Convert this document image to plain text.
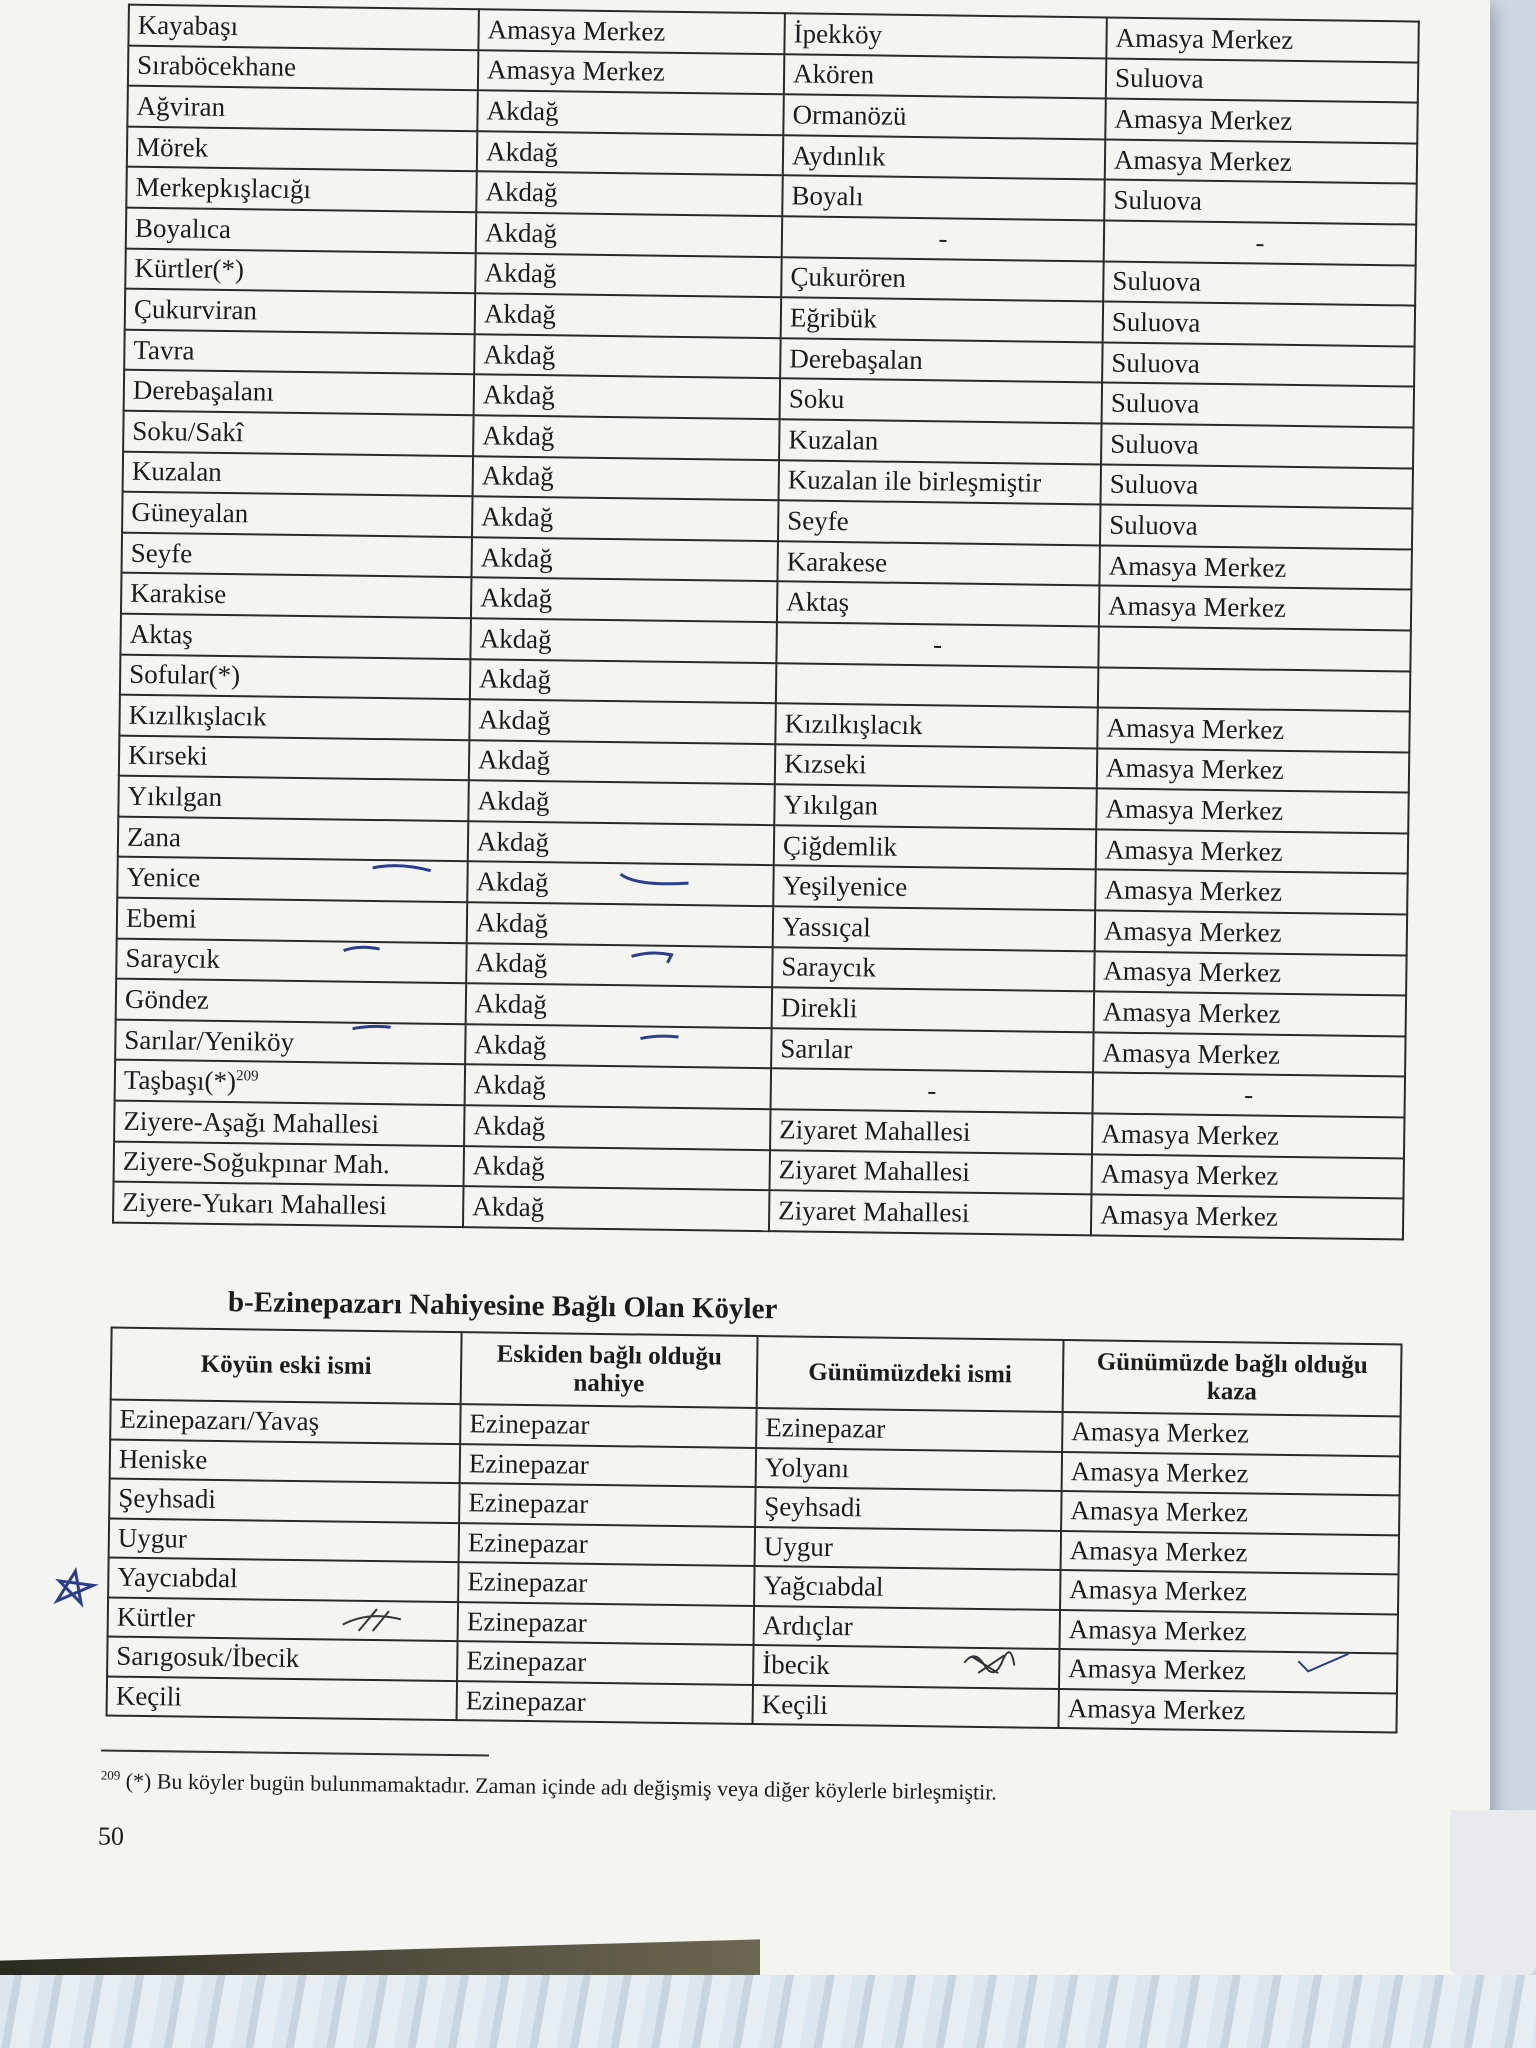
Kayabaşı	Amasya Merkez	İpekköy	Amasya Merkez
Sıraböcekhane	Amasya Merkez	Akören	Suluova
Ağviran	Akdağ	Ormanözü	Amasya Merkez
Mörek	Akdağ	Aydınlık	Amasya Merkez
Merkepkışlacığı	Akdağ	Boyalı	Suluova
Boyalıca	Akdağ	-	-
Kürtler(*)	Akdağ	Çukurören	Suluova
Çukurviran	Akdağ	Eğribük	Suluova
Tavra	Akdağ	Derebaşalan	Suluova
Derebaşalanı	Akdağ	Soku	Suluova
Soku/Sakî	Akdağ	Kuzalan	Suluova
Kuzalan	Akdağ	Kuzalan ile birleşmiştir	Suluova
Güneyalan	Akdağ	Seyfe	Suluova
Seyfe	Akdağ	Karakese	Amasya Merkez
Karakise	Akdağ	Aktaş	Amasya Merkez
Aktaş	Akdağ	-	
Sofular(*)	Akdağ		
Kızılkışlacık	Akdağ	Kızılkışlacık	Amasya Merkez
Kırseki	Akdağ	Kızseki	Amasya Merkez
Yıkılgan	Akdağ	Yıkılgan	Amasya Merkez
Zana	Akdağ	Çiğdemlik	Amasya Merkez
Yenice	Akdağ	Yeşilyenice	Amasya Merkez
Ebemi	Akdağ	Yassıçal	Amasya Merkez
Saraycık	Akdağ	Saraycık	Amasya Merkez
Göndez	Akdağ	Direkli	Amasya Merkez
Sarılar/Yeniköy	Akdağ	Sarılar	Amasya Merkez
$Taşbaşı(*)^{209}$	Akdağ	-	-
Ziyere-Aşağı Mahallesi	Akdağ	Ziyaret Mahallesi	Amasya Merkez
Ziyere-Soğukpınar Mah.	Akdağ	Ziyaret Mahallesi	Amasya Merkez
Ziyere-Yukarı Mahallesi	Akdağ	Ziyaret Mahallesi	Amasya Merkez
b-Ezinepazarı Nahiyesine Bağlı Olan Köyler
Köyün eski ismi	Eskiden bağlı olduğu nahiye	Günümüzdeki ismi	Günümüzde bağlı olduğu kaza
Ezinepazarı/Yavaş	Ezinepazar	Ezinepazar	Amasya Merkez
Heniske	Ezinepazar	Yolyanı	Amasya Merkez
Şeyhsadi	Ezinepazar	Şeyhsadi	Amasya Merkez
Uygur	Ezinepazar	Uygur	Amasya Merkez
Yaycıabdal	Ezinepazar	Yağcıabdal	Amasya Merkez
Kürtler	Ezinepazar	Ardıçlar	Amasya Merkez
Sarıgosuk/İbecik	Ezinepazar	İbecik	Amasya Merkez
Keçili	Ezinepazar	Keçili	Amasya Merkez
$^{209}$ (*) Bu köyler bugün bulunmamaktadır. Zaman içinde adı değişmiş veya diğer köylerle birleşmiştir.
50
